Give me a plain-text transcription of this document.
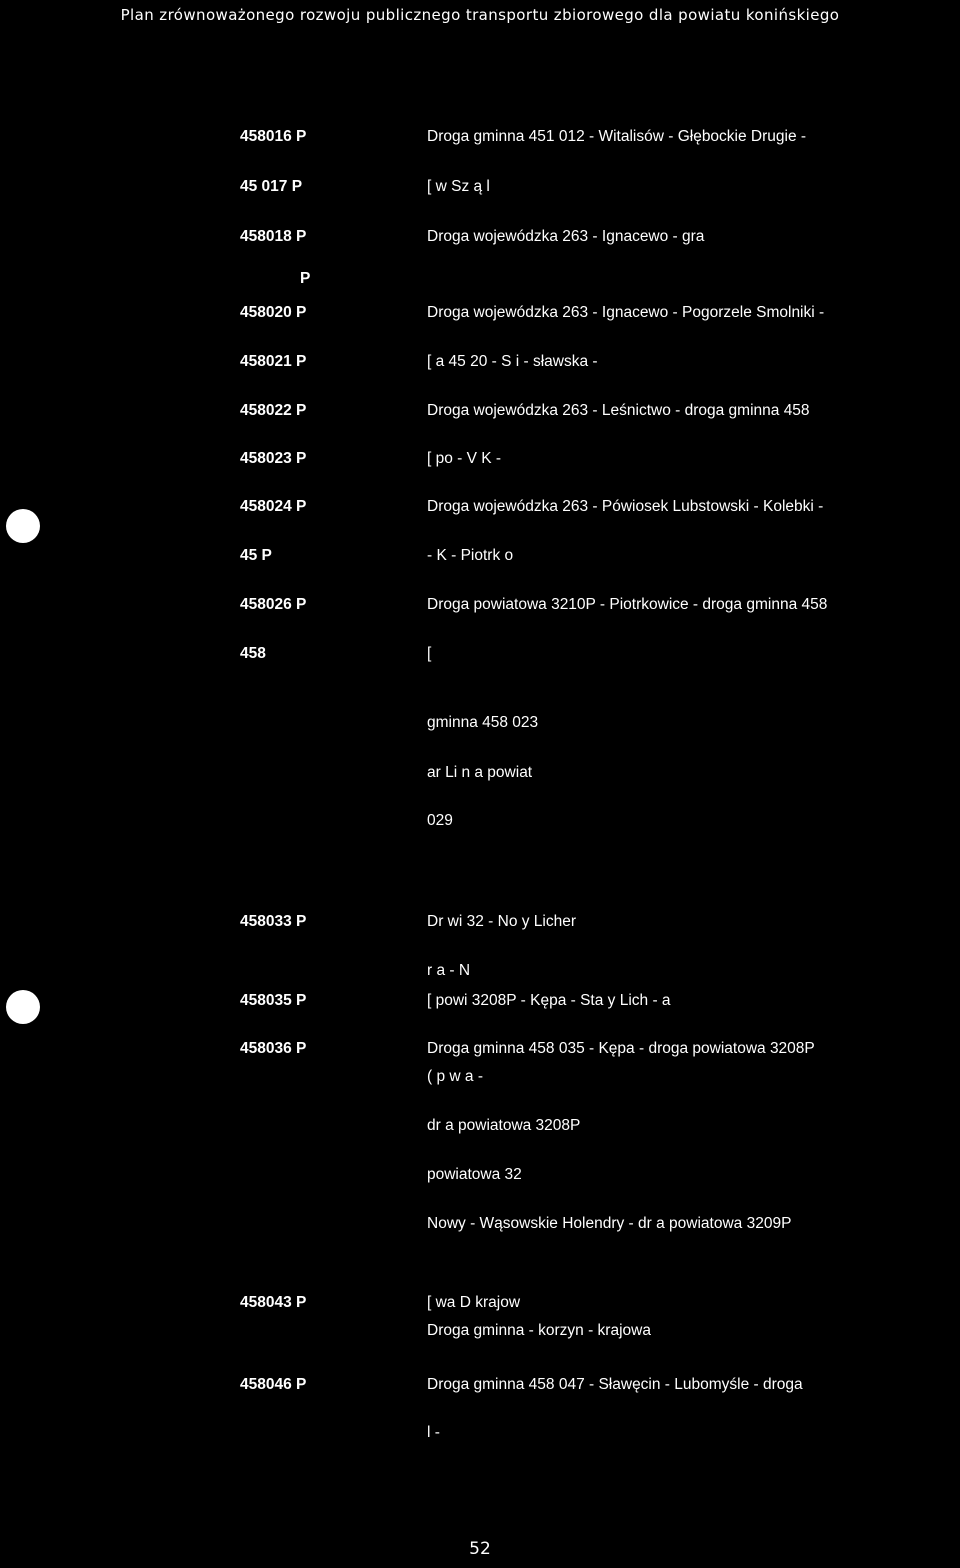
Plan zrównoważonego rozwoju publicznego transportu zbiorowego dla powiatu konińskiego
458016 P	Droga gminna 451 012 - Witalisów - Głębockie Drugie -
45 017 P	[ w Sz ą l
458018 P	Droga wojewódzka 263 - Ignacewo - gra
P
458020 P	Droga wojewódzka 263 - Ignacewo - Pogorzele Smolniki -
458021 P	[ a 45 20 - S i - sławska -
458022 P	Droga wojewódzka 263 - Leśnictwo - droga gminna 458
458023 P	[ po - V K -
458024 P	Droga wojewódzka 263 - Pówiosek Lubstowski - Kolebki -
45 P	- K - Piotrk o
458026 P	Droga powiatowa 3210P - Piotrkowice - droga gminna 458
458	[
gminna 458 023
ar Li n a powiat
029
458033 P	Dr wi 32 - No y Licher
r a - N
458035 P	[ powi 3208P - Kępa - Sta y Lich - a
458036 P	Droga gminna 458 035 - Kępa - droga powiatowa 3208P
( p w a -
dr a powiatowa 3208P
powiatowa 32
Nowy - Wąsowskie Holendry - dr a powiatowa 3209P
458043 P	[ wa D krajow
Droga gminna - korzyn - krajowa
458046 P	Droga gminna 458 047 - Sławęcin - Lubomyśle - droga
l -
52
